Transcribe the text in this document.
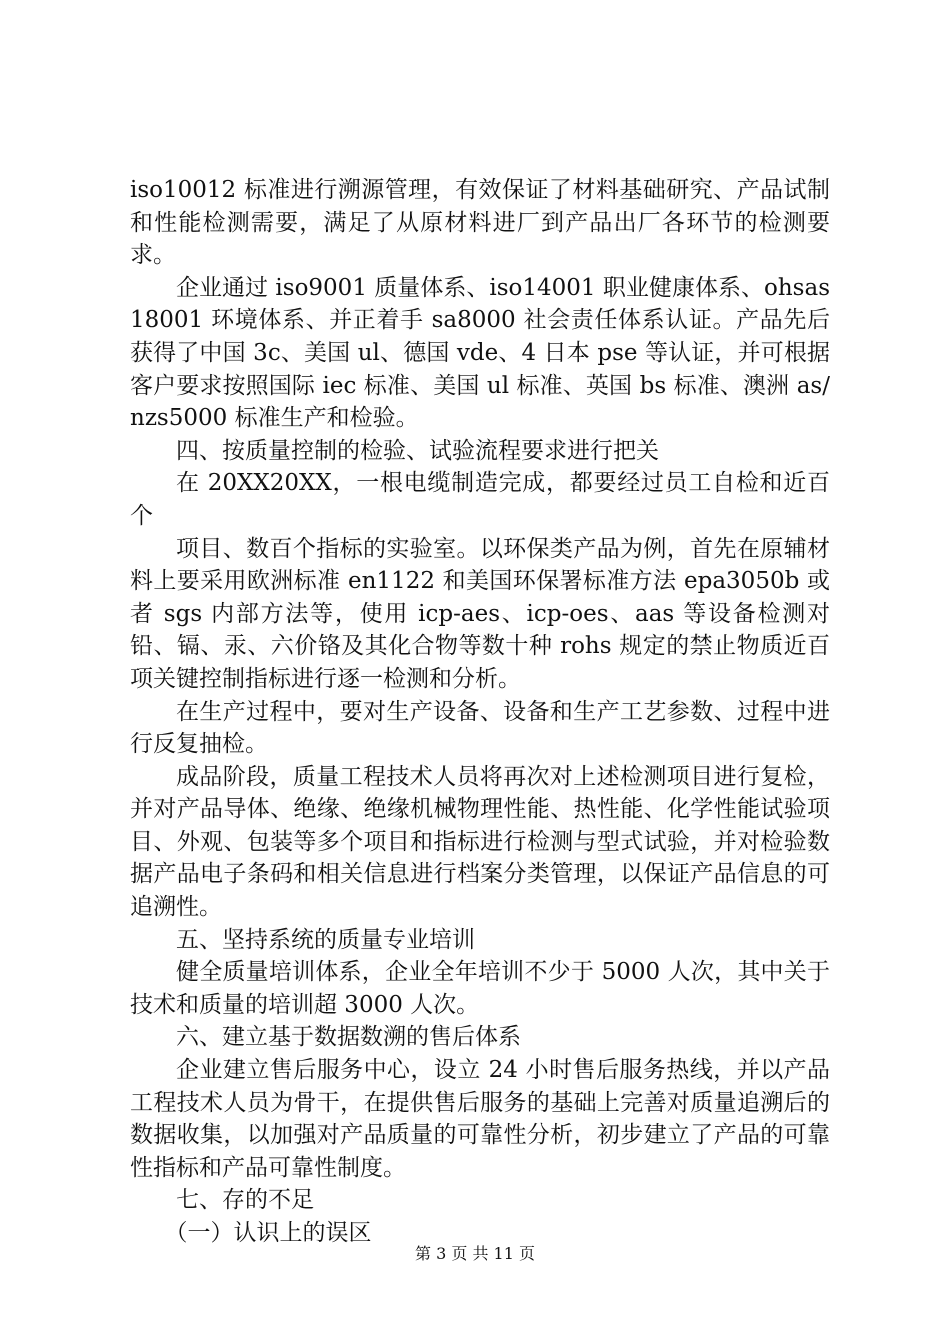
iso10012 标准进行溯源管理，有效保证了材料基础研究、产品试制和性能检测需要，满足了从原材料进厂到产品出厂各环节的检测要求。

企业通过 iso9001 质量体系、iso14001 职业健康体系、ohsas18001 环境体系、并正着手 sa8000 社会责任体系认证。产品先后获得了中国 3c、美国 ul、德国 vde、4 日本 pse 等认证，并可根据客户要求按照国际 iec 标准、美国 ul 标准、英国 bs 标准、澳洲 as/nzs5000 标准生产和检验。

四、按质量控制的检验、试验流程要求进行把关

在 20XX20XX，一根电缆制造完成，都要经过员工自检和近百个

项目、数百个指标的实验室。以环保类产品为例，首先在原辅材料上要采用欧洲标准 en1122 和美国环保署标准方法 epa3050b 或者 sgs 内部方法等，使用 icp-aes、icp-oes、aas 等设备检测对铅、镉、汞、六价铬及其化合物等数十种 rohs 规定的禁止物质近百项关键控制指标进行逐一检测和分析。

在生产过程中，要对生产设备、设备和生产工艺参数、过程中进行反复抽检。

成品阶段，质量工程技术人员将再次对上述检测项目进行复检，并对产品导体、绝缘、绝缘机械物理性能、热性能、化学性能试验项目、外观、包装等多个项目和指标进行检测与型式试验，并对检验数据产品电子条码和相关信息进行档案分类管理，以保证产品信息的可追溯性。

五、坚持系统的质量专业培训

健全质量培训体系，企业全年培训不少于 5000 人次，其中关于技术和质量的培训超 3000 人次。

六、建立基于数据数溯的售后体系

企业建立售后服务中心，设立 24 小时售后服务热线，并以产品工程技术人员为骨干，在提供售后服务的基础上完善对质量追溯后的数据收集，以加强对产品质量的可靠性分析，初步建立了产品的可靠性指标和产品可靠性制度。

七、存的不足

（一）认识上的误区

第 3 页 共 11 页
